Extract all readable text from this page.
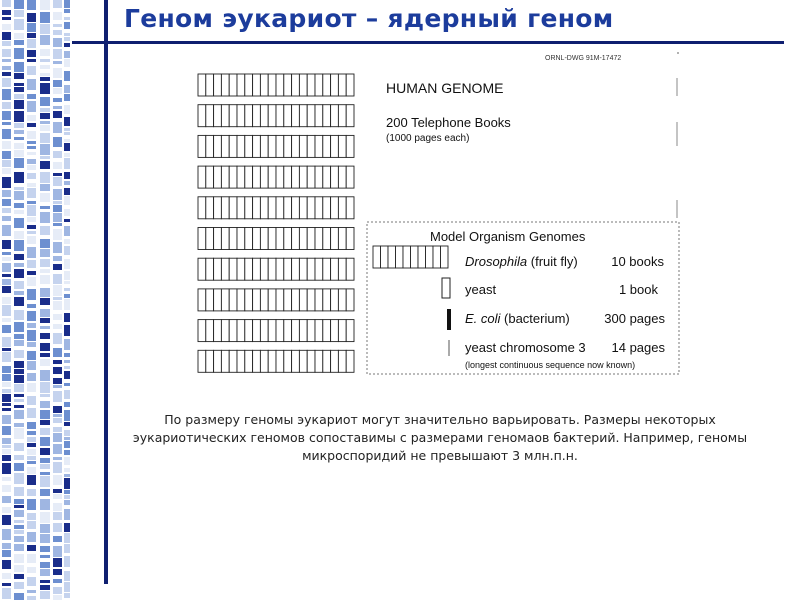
Геном эукариот – ядерный геном
ORNL-DWG 91M-17472
HUMAN GENOME
200 Telephone Books
(1000 pages each)
Model Organism Genomes
Drosophila (fruit fly)	10 books
yeast	1 book
E. coli (bacterium)	300 pages
yeast chromosome 3 14 pages
(longest continuous sequence now known)
По размеру геномы эукариот могут значительно варьировать. Размеры некоторых эукариотических геномов сопоставимы с размерами геномаов бактерий. Например, геномы микроспоридий не превышают 3 млн.п.н.
